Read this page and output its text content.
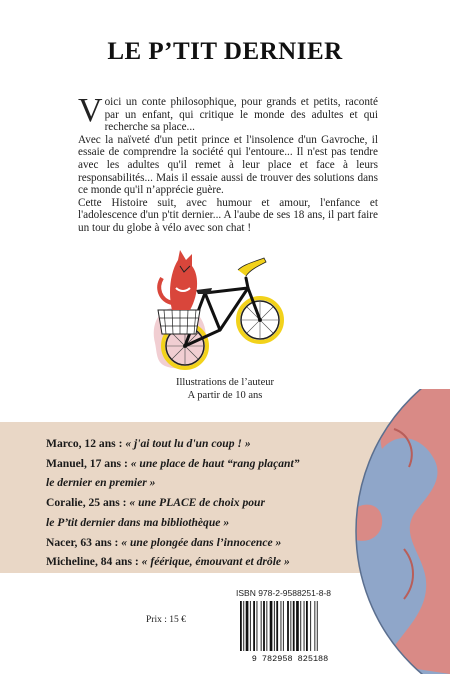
LE P’TIT DERNIER

Voici un conte philosophique, pour grands et petits, raconté par un enfant, qui critique le monde des adultes et qui recherche sa place...

Avec la naïveté d'un petit prince et l'insolence d'un Gavroche, il essaie de comprendre la société qui l'entoure... Il n'est pas tendre avec les adultes qu'il remet à leur place et face à leurs responsabilités... Mais il essaie aussi de trouver des solutions dans ce monde qu'il n’apprécie guère.

Cette Histoire suit, avec humour et amour, l'enfance et l'adolescence d'un p'tit dernier... A l'aube de ses 18 ans, il part faire un tour du globe à vélo avec son chat !

Illustrations de l’auteur
A partir de 10 ans
Marco, 12 ans : « j'ai tout lu d'un coup ! »
Manuel, 17 ans : « une place de haut “rang plaçant”
le dernier en premier »
Coralie, 25 ans : « une PLACE de choix pour
le P’tit dernier dans ma bibliothèque »
Nacer, 63 ans : « une plongée dans l’innocence »
Micheline, 84 ans : « féérique, émouvant et drôle »
ISBN 978-2-9588251-8-8
9 782958 825188
Prix : 15 €
